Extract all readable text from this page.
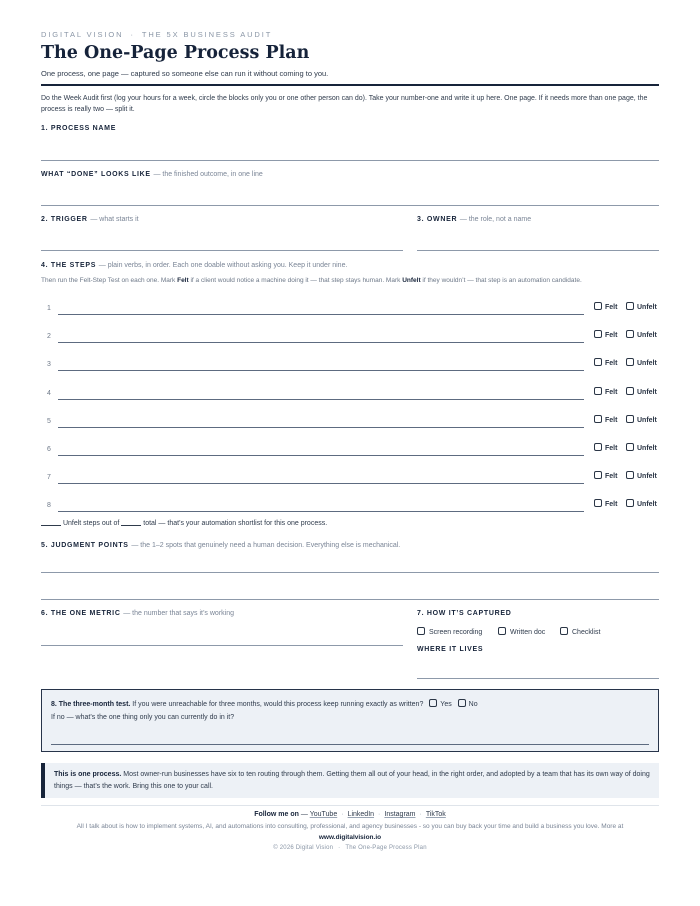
DIGITAL VISION · THE 5X BUSINESS AUDIT
The One-Page Process Plan
One process, one page — captured so someone else can run it without coming to you.
Do the Week Audit first (log your hours for a week, circle the blocks only you or one other person can do). Take your number-one and write it up here. One page. If it needs more than one page, the process is really two — split it.
1. PROCESS NAME
WHAT “DONE” LOOKS LIKE — the finished outcome, in one line
2. TRIGGER — what starts it	3. OWNER — the role, not a name
4. THE STEPS — plain verbs, in order. Each one doable without asking you. Keep it under nine.
Then run the Felt-Step Test on each one. Mark Felt if a client would notice a machine doing it — that step stays human. Mark Unfelt if they wouldn’t — that step is an automation candidate.
1	Felt	Unfelt
2	Felt	Unfelt
3	Felt	Unfelt
4	Felt	Unfelt
5	Felt	Unfelt
6	Felt	Unfelt
7	Felt	Unfelt
8	Felt	Unfelt
Unfelt steps out of	total — that’s your automation shortlist for this one process.
5. JUDGMENT POINTS — the 1–2 spots that genuinely need a human decision. Everything else is mechanical.
6. THE ONE METRIC — the number that says it’s working	7. HOW IT’S CAPTURED
Screen recording	Written doc	Checklist
WHERE IT LIVES
8. The three-month test. If you were unreachable for three months, would this process keep running exactly as written? Yes No
If no — what’s the one thing only you can currently do in it?

This is one process. Most owner-run businesses have six to ten routing through them. Getting them all out of your head, in the right order, and adopted by a team that has its own way of doing things — that’s the work. Bring this one to your call.

Follow me on — YouTube · LinkedIn · Instagram · TikTok
All I talk about is how to implement systems, AI, and automations into consulting, professional, and agency businesses - so you can buy back your time and build a business you love. More at
www.digitalvision.io
© 2026 Digital Vision · The One-Page Process Plan
